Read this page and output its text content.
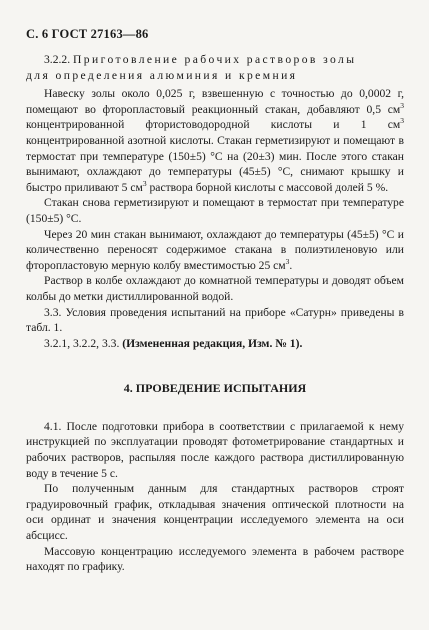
С. 6 ГОСТ 27163—86

3.2.2. Приготовление рабочих растворов золы

для определения алюминия и кремния

Навеску золы около 0,025 г, взвешенную с точностью до 0,0002 г, помещают во фторопластовый реакционный стакан, добавляют 0,5 $см^3$ концентрированной фтористоводородной кислоты и 1 $см^3$ концентрированной азотной кислоты. Стакан герметизируют и помещают в термостат при температуре (150±5) °С на (20±3) мин. После этого стакан вынимают, охлаждают до температуры (45±5) °С, снимают крышку и быстро приливают 5 $см^3$ раствора борной кислоты с массовой долей 5 %.

Стакан снова герметизируют и помещают в термостат при температуре (150±5) °С.

Через 20 мин стакан вынимают, охлаждают до температуры (45±5) °С и количественно переносят содержимое стакана в полиэтиленовую или фторопластовую мерную колбу вместимостью 25 $см^3$.

Раствор в колбе охлаждают до комнатной температуры и доводят объем колбы до метки дистиллированной водой.

3.3. Условия проведения испытаний на приборе «Сатурн» приведены в табл. 1.

3.2.1, 3.2.2, 3.3. (Измененная редакция, Изм. № 1).

4. ПРОВЕДЕНИЕ ИСПЫТАНИЯ

4.1. После подготовки прибора в соответствии с прилагаемой к нему инструкцией по эксплуатации проводят фотометрирование стандартных и рабочих растворов, распыляя после каждого раствора дистиллированную воду в течение 5 с.

По полученным данным для стандартных растворов строят градуировочный график, откладывая значения оптической плотности на оси ординат и значения концентрации исследуемого элемента на оси абсцисс.

Массовую концентрацию исследуемого элемента в рабочем растворе находят по графику.
